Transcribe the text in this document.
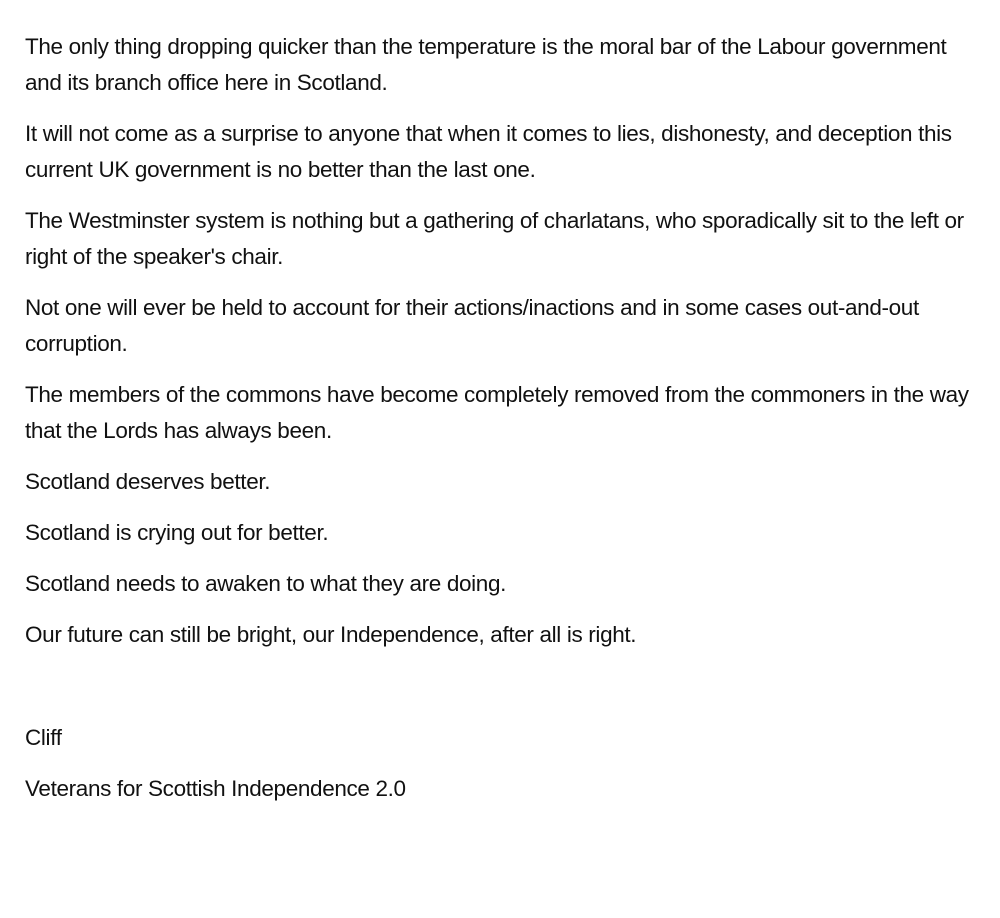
The only thing dropping quicker than the temperature is the moral bar of the Labour government and its branch office here in Scotland.

It will not come as a surprise to anyone that when it comes to lies, dishonesty, and deception this current UK government is no better than the last one.

The Westminster system is nothing but a gathering of charlatans, who sporadically sit to the left or right of the speaker's chair.

Not one will ever be held to account for their actions/inactions and in some cases out-and-out corruption.

The members of the commons have become completely removed from the commoners in the way that the Lords has always been.

Scotland deserves better.

Scotland is crying out for better.

Scotland needs to awaken to what they are doing.

Our future can still be bright, our Independence, after all is right.

Cliff

Veterans for Scottish Independence 2.0
